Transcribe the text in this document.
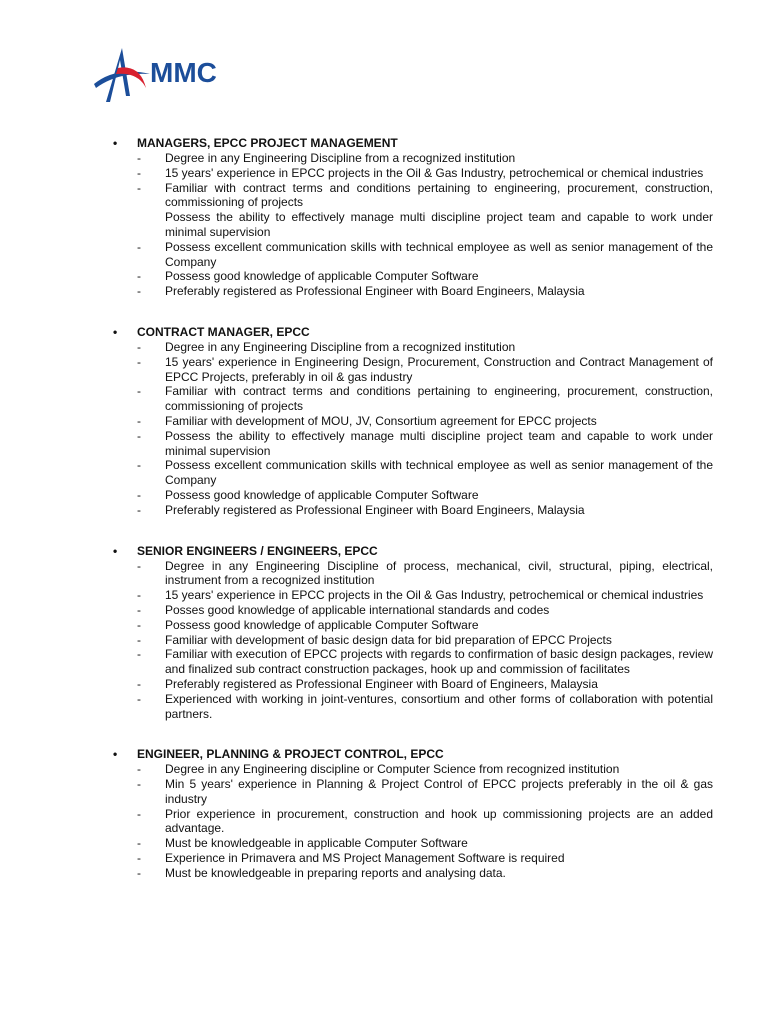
MMC
• MANAGERS, EPCC PROJECT MANAGEMENT
- Degree in any Engineering Discipline from a recognized institution
- 15 years' experience in EPCC projects in the Oil & Gas Industry, petrochemical or chemical industries
- Familiar with contract terms and conditions pertaining to engineering, procurement, construction, commissioning of projects
Possess the ability to effectively manage multi discipline project team and capable to work under minimal supervision
- Possess excellent communication skills with technical employee as well as senior management of the Company
- Possess good knowledge of applicable Computer Software
- Preferably registered as Professional Engineer with Board Engineers, Malaysia
• CONTRACT MANAGER, EPCC
- Degree in any Engineering Discipline from a recognized institution
- 15 years' experience in Engineering Design, Procurement, Construction and Contract Management of EPCC Projects, preferably in oil & gas industry
- Familiar with contract terms and conditions pertaining to engineering, procurement, construction, commissioning of projects
- Familiar with development of MOU, JV, Consortium agreement for EPCC projects
- Possess the ability to effectively manage multi discipline project team and capable to work under minimal supervision
- Possess excellent communication skills with technical employee as well as senior management of the Company
- Possess good knowledge of applicable Computer Software
- Preferably registered as Professional Engineer with Board Engineers, Malaysia
• SENIOR ENGINEERS / ENGINEERS, EPCC
- Degree in any Engineering Discipline of process, mechanical, civil, structural, piping, electrical, instrument from a recognized institution
- 15 years' experience in EPCC projects in the Oil & Gas Industry, petrochemical or chemical industries
- Posses good knowledge of applicable international standards and codes
- Possess good knowledge of applicable Computer Software
- Familiar with development of basic design data for bid preparation of EPCC Projects
- Familiar with execution of EPCC projects with regards to confirmation of basic design packages, review and finalized sub contract construction packages, hook up and commission of facilitates
- Preferably registered as Professional Engineer with Board of Engineers, Malaysia
- Experienced with working in joint-ventures, consortium and other forms of collaboration with potential partners.
• ENGINEER, PLANNING & PROJECT CONTROL, EPCC
- Degree in any Engineering discipline or Computer Science from recognized institution
- Min 5 years' experience in Planning & Project Control of EPCC projects preferably in the oil & gas industry
- Prior experience in procurement, construction and hook up commissioning projects are an added advantage.
- Must be knowledgeable in applicable Computer Software
- Experience in Primavera and MS Project Management Software is required
- Must be knowledgeable in preparing reports and analysing data.
